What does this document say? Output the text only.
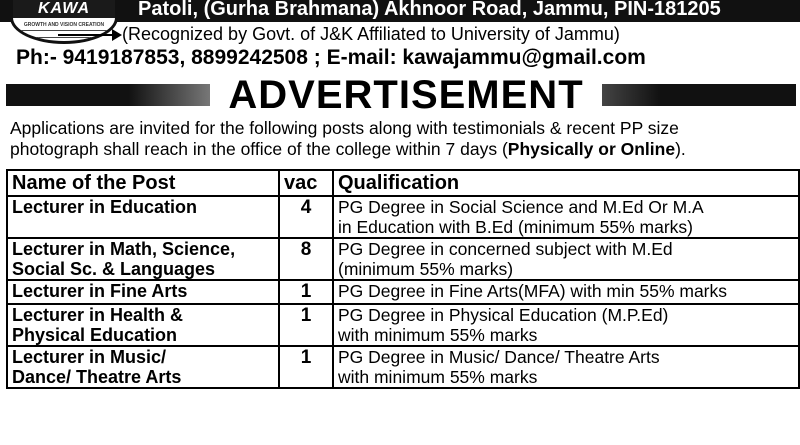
Patoli, (Gurha Brahmana) Akhnoor Road, Jammu, PIN-181205
KAWA
GROWTH AND VISION CREATION (Recognized by Govt. of J&K Affiliated to University of Jammu)
Ph:- 9419187853, 8899242508 ; E-mail: kawajammu@gmail.com
ADVERTISEMENT
Applications are invited for the following posts along with testimonials & recent PP size
photograph shall reach in the office of the college within 7 days (Physically or Online).
Name of the Post	vac	Qualification

Lecturer in Education	4	PG Degree in Social Science and M.Ed Or M.A
in Education with B.Ed (minimum 55% marks)

Lecturer in Math, Science,
Social Sc. & Languages	8	PG Degree in concerned subject with M.Ed
(minimum 55% marks)

Lecturer in Fine Arts	1	PG Degree in Fine Arts(MFA) with min 55% marks

Lecturer in Health &
Physical Education	1	PG Degree in Physical Education (M.P.Ed)
with minimum 55% marks

Lecturer in Music/
Dance/ Theatre Arts	1	PG Degree in Music/ Dance/ Theatre Arts
with minimum 55% marks
